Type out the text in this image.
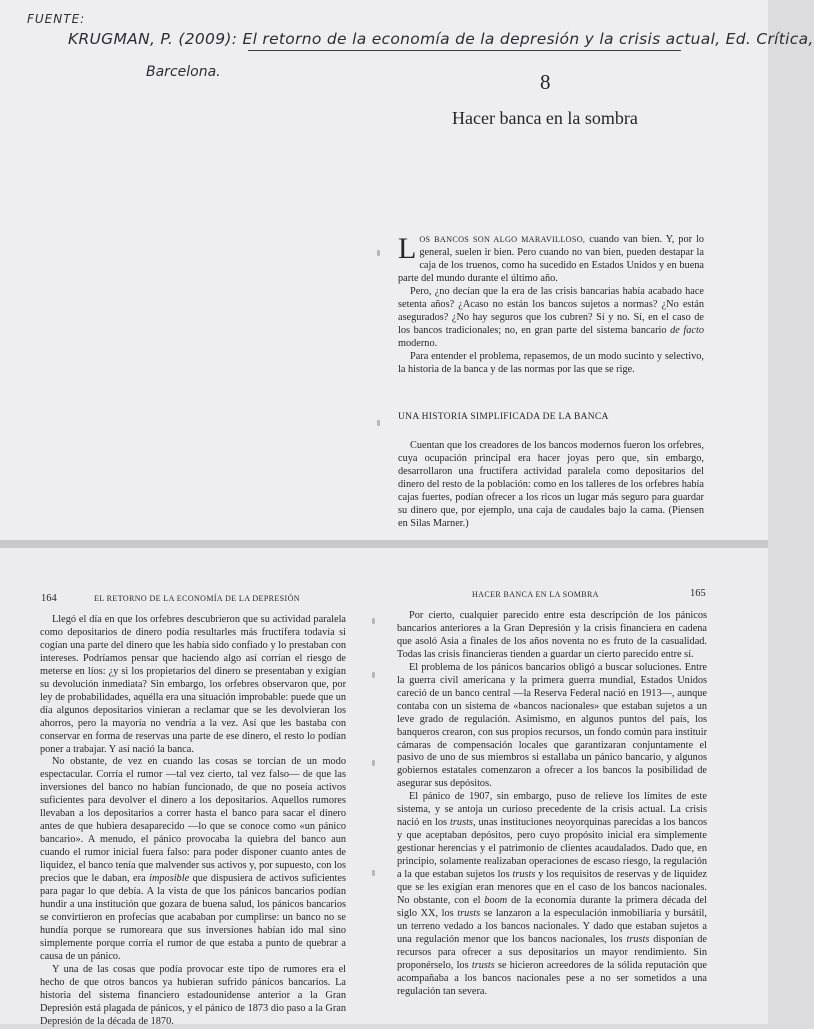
FUENTE:
KRUGMAN, P. (2009): El retorno de la economía de la depresión y la crisis actual, Ed. Crítica,
Barcelona.	8
Hacer banca en la sombra

LOS BANCOS SON ALGO MARAVILLOSO, cuando van bien. Y, por lo general, suelen ir bien. Pero cuando no van bien, pueden destapar la caja de los truenos, como ha sucedido en Estados Unidos y en buena parte del mundo durante el último año.

Pero, ¿no decían que la era de las crisis bancarias había acabado hace setenta años? ¿Acaso no están los bancos sujetos a normas? ¿No están asegurados? ¿No hay seguros que los cubren? Sí y no. Sí, en el caso de los bancos tradicionales; no, en gran parte del sistema bancario de facto moderno.

Para entender el problema, repasemos, de un modo sucinto y selectivo, la historia de la banca y de las normas por las que se rige.

UNA HISTORIA SIMPLIFICADA DE LA BANCA

Cuentan que los creadores de los bancos modernos fueron los orfebres, cuya ocupación principal era hacer joyas pero que, sin embargo, desarrollaron una fructífera actividad paralela como depositarios del dinero del resto de la población: como en los talleres de los orfebres había cajas fuertes, podían ofrecer a los ricos un lugar más seguro para guardar su dinero que, por ejemplo, una caja de caudales bajo la cama. (Piensen en Silas Marner.)

164	EL RETORNO DE LA ECONOMÍA DE LA DEPRESIÓN	HACER BANCA EN LA SOMBRA	165

Llegó el día en que los orfebres descubrieron que su actividad paralela como depositarios de dinero podía resultarles más fructífera todavía si cogían una parte del dinero que les había sido confiado y lo prestaban con intereses. Podríamos pensar que haciendo algo así corrían el riesgo de meterse en líos: ¿y si los propietarios del dinero se presentaban y exigían su devolución inmediata? Sin embargo, los orfebres observaron que, por ley de probabilidades, aquélla era una situación improbable: puede que un día algunos depositarios vinieran a reclamar que se les devolvieran los ahorros, pero la mayoría no vendría a la vez. Así que les bastaba con conservar en forma de reservas una parte de ese dinero, el resto lo podían poner a trabajar. Y así nació la banca.

No obstante, de vez en cuando las cosas se torcían de un modo espectacular. Corría el rumor —tal vez cierto, tal vez falso— de que las inversiones del banco no habían funcionado, de que no poseía activos suficientes para devolver el dinero a los depositarios. Aquellos rumores llevaban a los depositarios a correr hasta el banco para sacar el dinero antes de que hubiera desaparecido —lo que se conoce como «un pánico bancario». A menudo, el pánico provocaba la quiebra del banco aun cuando el rumor inicial fuera falso: para poder disponer cuanto antes de liquidez, el banco tenía que malvender sus activos y, por supuesto, con los precios que le daban, era imposible que dispusiera de activos suficientes para pagar lo que debía. A la vista de que los pánicos bancarios podían hundir a una institución que gozara de buena salud, los pánicos bancarios se convirtieron en profecías que acababan por cumplirse: un banco no se hundía porque se rumoreara que sus inversiones habían ido mal sino simplemente porque corría el rumor de que estaba a punto de quebrar a causa de un pánico.

Y una de las cosas que podía provocar este tipo de rumores era el hecho de que otros bancos ya hubieran sufrido pánicos bancarios. La historia del sistema financiero estadounidense anterior a la Gran Depresión está plagada de pánicos, y el pánico de 1873 dio paso a la Gran Depresión de la década de 1870.

Por cierto, cualquier parecido entre esta descripción de los pánicos bancarios anteriores a la Gran Depresión y la crisis financiera en cadena que asoló Asia a finales de los años noventa no es fruto de la casualidad. Todas las crisis financieras tienden a guardar un cierto parecido entre sí.

El problema de los pánicos bancarios obligó a buscar soluciones. Entre la guerra civil americana y la primera guerra mundial, Estados Unidos careció de un banco central —la Reserva Federal nació en 1913—, aunque contaba con un sistema de «bancos nacionales» que estaban sujetos a un leve grado de regulación. Asimismo, en algunos puntos del país, los banqueros crearon, con sus propios recursos, un fondo común para instituir cámaras de compensación locales que garantizaran conjuntamente el pasivo de uno de sus miembros si estallaba un pánico bancario, y algunos gobiernos estatales comenzaron a ofrecer a los bancos la posibilidad de asegurar sus depósitos.

El pánico de 1907, sin embargo, puso de relieve los límites de este sistema, y se antoja un curioso precedente de la crisis actual. La crisis nació en los trusts, unas instituciones neoyorquinas parecidas a los bancos y que aceptaban depósitos, pero cuyo propósito inicial era simplemente gestionar herencias y el patrimonio de clientes acaudalados. Dado que, en principio, solamente realizaban operaciones de escaso riesgo, la regulación a la que estaban sujetos los trusts y los requisitos de reservas y de liquidez que se les exigían eran menores que en el caso de los bancos nacionales. No obstante, con el boom de la economía durante la primera década del siglo XX, los trusts se lanzaron a la especulación inmobiliaria y bursátil, un terreno vedado a los bancos nacionales. Y dado que estaban sujetos a una regulación menor que los bancos nacionales, los trusts disponían de recursos para ofrecer a sus depositarios un mayor rendimiento. Sin proponérselo, los trusts se hicieron acreedores de la sólida reputación que acompañaba a los bancos nacionales pese a no ser sometidos a una regulación tan severa.
